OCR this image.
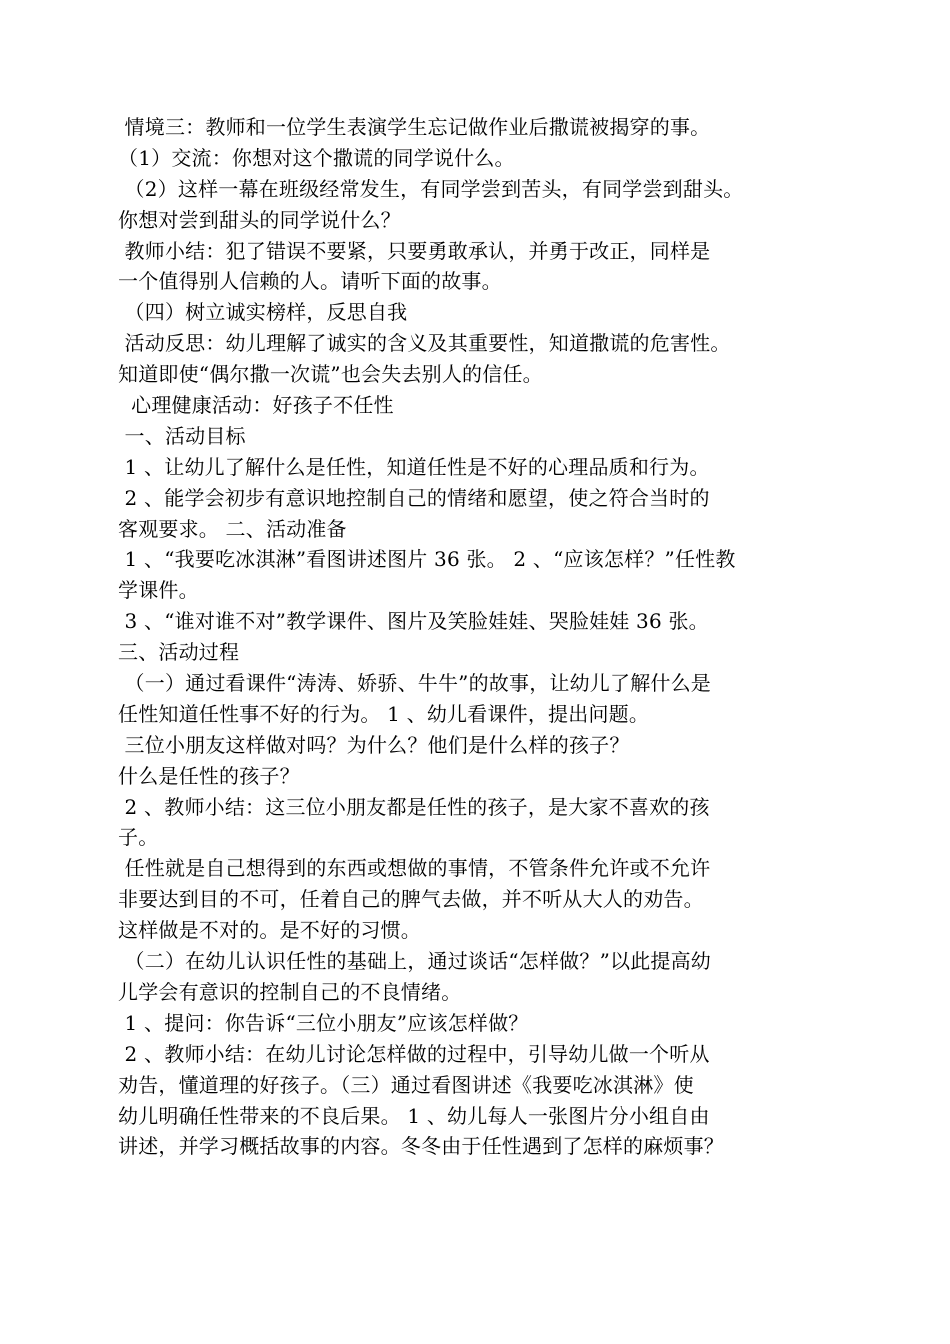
情境三：教师和一位学生表演学生忘记做作业后撒谎被揭穿的事。
（1）交流：你想对这个撒谎的同学说什么。
（2）这样一幕在班级经常发生，有同学尝到苦头，有同学尝到甜头。
你想对尝到甜头的同学说什么？
教师小结：犯了错误不要紧，只要勇敢承认，并勇于改正，同样是
一个值得别人信赖的人。请听下面的故事。
（四）树立诚实榜样，反思自我
活动反思：幼儿理解了诚实的含义及其重要性，知道撒谎的危害性。
知道即使“偶尔撒一次谎”也会失去别人的信任。
心理健康活动：好孩子不任性
一、活动目标
1 、让幼儿了解什么是任性，知道任性是不好的心理品质和行为。
2 、能学会初步有意识地控制自己的情绪和愿望，使之符合当时的
客观要求。 二、活动准备
1 、“我要吃冰淇淋”看图讲述图片 36 张。 2 、“应该怎样？”任性教
学课件。
3 、“谁对谁不对”教学课件、图片及笑脸娃娃、哭脸娃娃 36 张。
三、活动过程
（一）通过看课件“涛涛、娇骄、牛牛”的故事，让幼儿了解什么是
任性知道任性事不好的行为。 1 、幼儿看课件，提出问题。
三位小朋友这样做对吗？为什么？他们是什么样的孩子？
什么是任性的孩子？
2 、教师小结：这三位小朋友都是任性的孩子，是大家不喜欢的孩
子。
任性就是自己想得到的东西或想做的事情，不管条件允许或不允许
非要达到目的不可，任着自己的脾气去做，并不听从大人的劝告。
这样做是不对的。是不好的习惯。
（二）在幼儿认识任性的基础上，通过谈话“怎样做？”以此提高幼
儿学会有意识的控制自己的不良情绪。
1 、提问：你告诉“三位小朋友”应该怎样做？
2 、教师小结：在幼儿讨论怎样做的过程中，引导幼儿做一个听从
劝告，懂道理的好孩子。（三）通过看图讲述《我要吃冰淇淋》使
幼儿明确任性带来的不良后果。 1 、幼儿每人一张图片分小组自由
讲述，并学习概括故事的内容。冬冬由于任性遇到了怎样的麻烦事？
